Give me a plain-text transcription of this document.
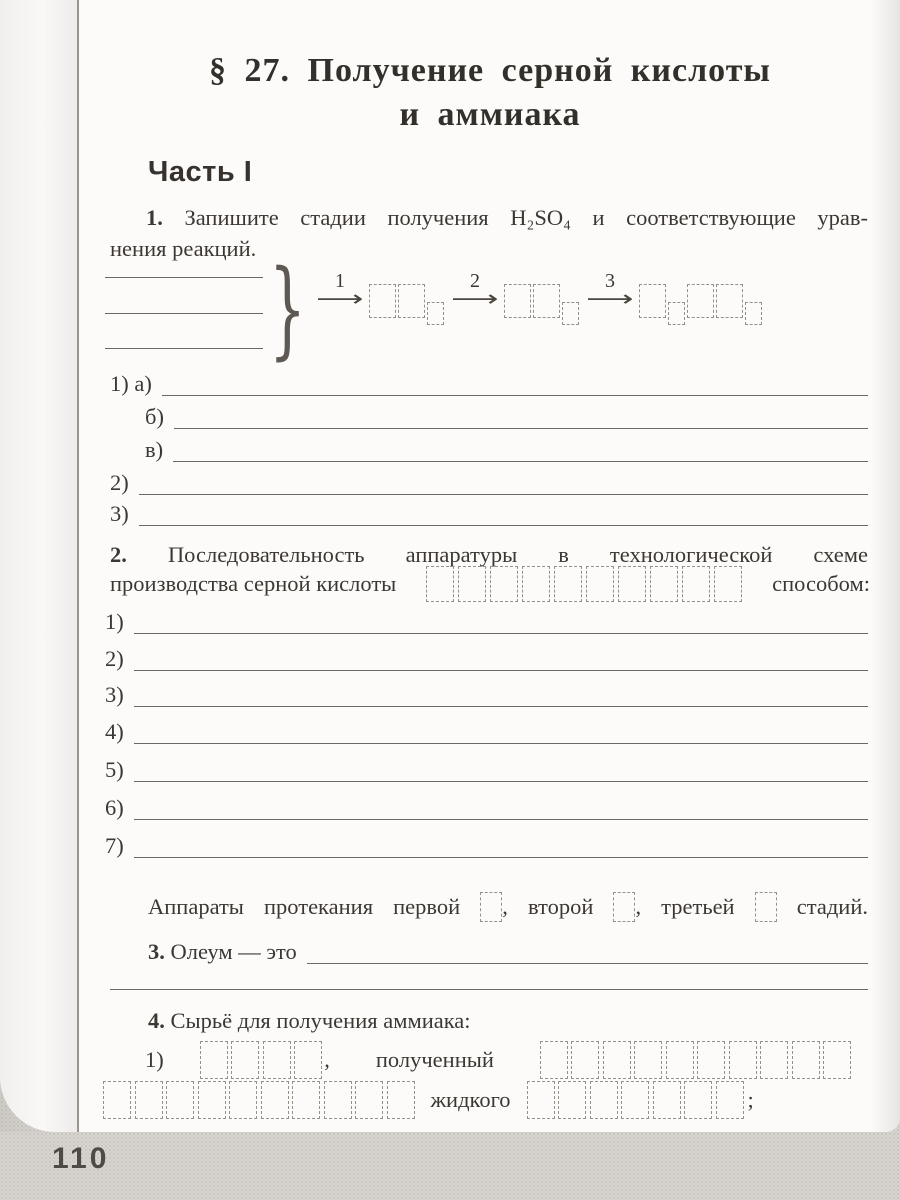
§ 27. Получение серной кислоты
и аммиака
Часть I
1. Запишите стадии получения H₂SO₄ и соответствующие урав-
нения реакций. } 1
⟶
2
⟶
3
⟶
1) а)
б)
в)
2)
3)
2. Последовательность аппаратуры в технологической схеме
производства серной кислоты	способом:
1)
2)
3)
4)
5)
6)
7)
Аппараты протекания первой , второй , третьей	стадий.
3. Олеум — это
4. Сырьё для получения аммиака:
1)	, полученный
жидкого	;
110
